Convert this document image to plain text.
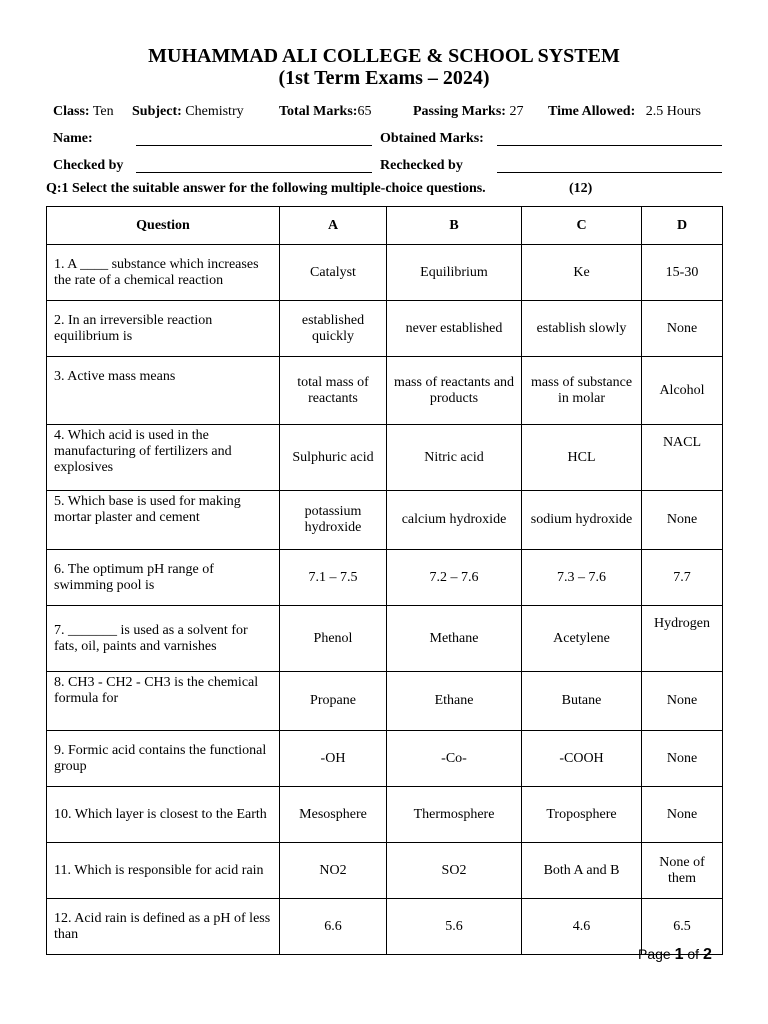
MUHAMMAD ALI COLLEGE & SCHOOL SYSTEM
(1st Term Exams – 2024)
Class: Ten Subject: Chemistry	Total Marks:65	Passing Marks: 27 Time Allowed: 2.5 Hours
Name:	Obtained Marks:
Checked by	Rechecked by
Q:1 Select the suitable answer for the following multiple-choice questions.	(12)
Question	A	B	C	D
1. A ____ substance which increases the rate of a chemical reaction	Catalyst	Equilibrium	Ke	15-30
2. In an irreversible reaction equilibrium is	established quickly	never established	establish slowly	None
3. Active mass means	total mass of reactants	mass of reactants and products	mass of substance in molar	Alcohol
4. Which acid is used in the manufacturing of fertilizers and explosives	Sulphuric acid	Nitric acid	HCL	NACL
5. Which base is used for making mortar plaster and cement	potassium hydroxide	calcium hydroxide	sodium hydroxide	None
6. The optimum pH range of swimming pool is	7.1 – 7.5	7.2 – 7.6	7.3 – 7.6	7.7
7. _______ is used as a solvent for fats, oil, paints and varnishes	Phenol	Methane	Acetylene	Hydrogen
8. CH3 - CH2 - CH3 is the chemical formula for	Propane	Ethane	Butane	None
9. Formic acid contains the functional group	-OH	-Co-	-COOH	None
10. Which layer is closest to the Earth	Mesosphere	Thermosphere	Troposphere	None
11. Which is responsible for acid rain	NO2	SO2	Both A and B	None of them
12. Acid rain is defined as a pH of less than	6.6	5.6	4.6	6.5
Page 1 of 2
